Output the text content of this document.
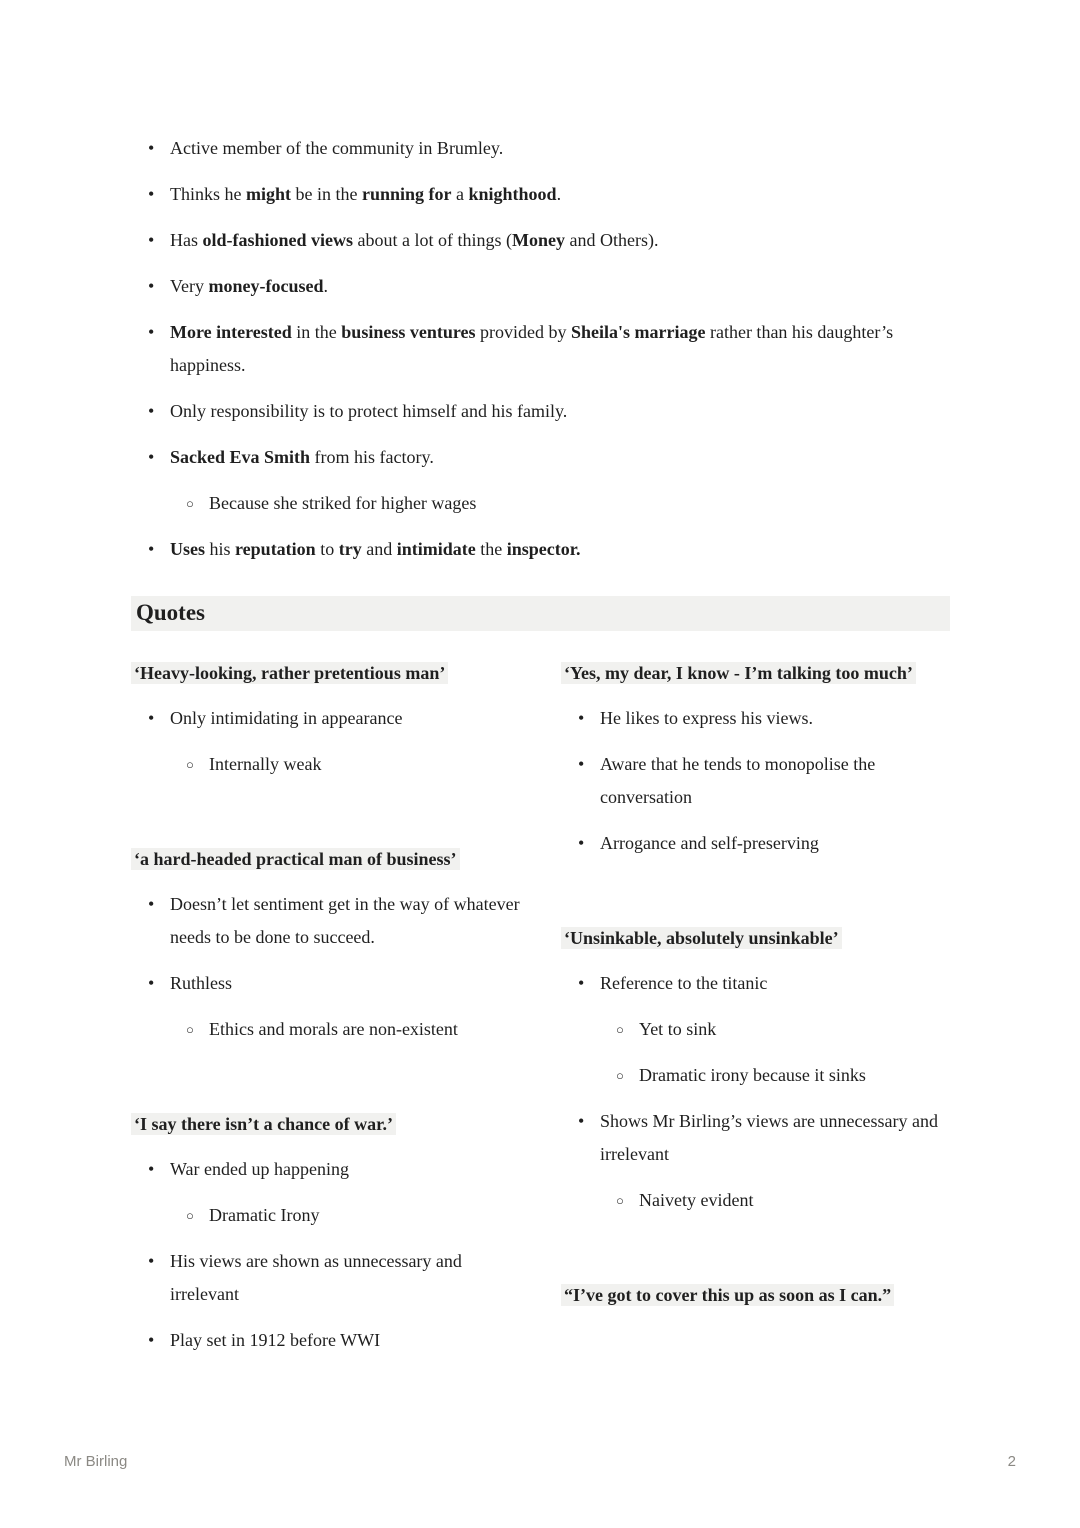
• Active member of the community in Brumley.
• Thinks he might be in the running for a knighthood.
• Has old-fashioned views about a lot of things (Money and Others).
• Very money-focused.
• More interested in the business ventures provided by Sheila's marriage rather than his daughter’s happiness.
• Only responsibility is to protect himself and his family.
• Sacked Eva Smith from his factory.
○ Because she striked for higher wages
• Uses his reputation to try and intimidate the inspector.
Quotes
‘Heavy-looking, rather pretentious man’
• Only intimidating in appearance
○ Internally weak
‘a hard-headed practical man of business’
• Doesn’t let sentiment get in the way of whatever needs to be done to succeed.
• Ruthless
○ Ethics and morals are non-existent
‘I say there isn’t a chance of war.’
• War ended up happening
○ Dramatic Irony
• His views are shown as unnecessary and irrelevant
• Play set in 1912 before WWI
‘Yes, my dear, I know - I’m talking too much’
• He likes to express his views.
• Aware that he tends to monopolise the conversation
• Arrogance and self-preserving
‘Unsinkable, absolutely unsinkable’
• Reference to the titanic
○ Yet to sink
○ Dramatic irony because it sinks
• Shows Mr Birling’s views are unnecessary and irrelevant
○ Naivety evident
“I’ve got to cover this up as soon as I can.”
Mr Birling	2
